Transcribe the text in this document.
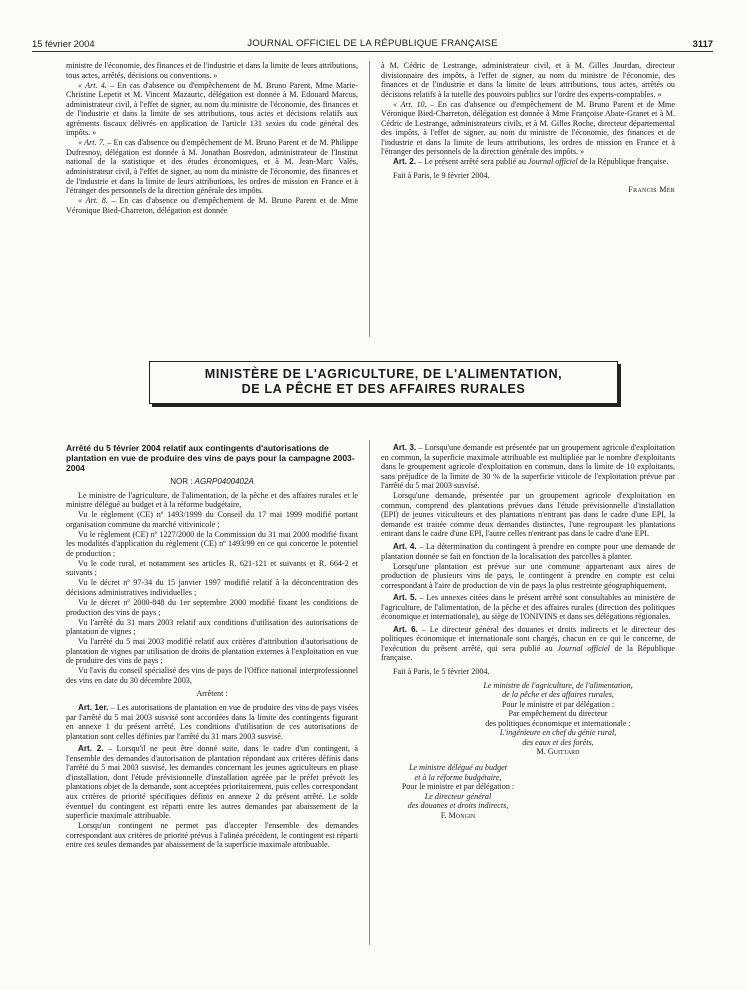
15 février 2004	JOURNAL OFFICIEL DE LA RÉPUBLIQUE FRANÇAISE	3117

ministre de l'économie, des finances et de l'industrie et dans la limite de leurs attributions, tous actes, arrêtés, décisions ou conventions. »

« Art. 4. – En cas d'absence ou d'empêchement de M. Bruno Parent, Mme Marie-Christine Lepetit et M. Vincent Mazauric, délégation est donnée à M. Edouard Marcus, administrateur civil, à l'effet de signer, au nom du ministre de l'économie, des finances et de l'industrie et dans la limite de ses attributions, tous actes et décisions relatifs aux agréments fiscaux délivrés en application de l'article 131 sexies du code général des impôts. »

« Art. 7. – En cas d'absence ou d'empêchement de M. Bruno Parent et de M. Philippe Dufresnoy, délégation est donnée à M. Jonathan Bosredon, administrateur de l'Institut national de la statistique et des études économiques, et à M. Jean-Marc Valès, administrateur civil, à l'effet de signer, au nom du ministre de l'économie, des finances et de l'industrie et dans la limite de leurs attributions, les ordres de mission en France et à l'étranger des personnels de la direction générale des impôts.

« Art. 8. – En cas d'absence ou d'empêchement de M. Bruno Parent et de Mme Véronique Bied-Charreton, délégation est donnée

à M. Cédric de Lestrange, administrateur civil, et à M. Gilles Jourdan, directeur divisionnaire des impôts, à l'effet de signer, au nom du ministre de l'économie, des finances et de l'industrie et dans la limite de leurs attributions, tous actes, arrêtés ou décisions relatifs à la tutelle des pouvoirs publics sur l'ordre des experts-comptables. »

« Art. 10. – En cas d'absence ou d'empêchement de M. Bruno Parent et de Mme Véronique Bied-Charreton, délégation est donnée à Mme Françoise Abate-Granet et à M. Cédric de Lestrange, administrateurs civils, et à M. Gilles Roche, directeur départemental des impôts, à l'effet de signer, au nom du ministre de l'économie, des finances et de l'industrie et dans la limite de leurs attributions, les ordres de mission en France et à l'étranger des personnels de la direction générale des impôts. »

Art. 2. – Le présent arrêté sera publié au Journal officiel de la République française.

Fait à Paris, le 9 février 2004.

Francis Mer

MINISTÈRE DE L'AGRICULTURE, DE L'ALIMENTATION,
DE LA PÊCHE ET DES AFFAIRES RURALES

Arrêté du 5 février 2004 relatif aux contingents d'autorisations de plantation en vue de produire des vins de pays pour la campagne 2003-2004

NOR : AGRP0400402A

Le ministre de l'agriculture, de l'alimentation, de la pêche et des affaires rurales et le ministre délégué au budget et à la réforme budgétaire,

Vu le règlement (CE) nº 1493/1999 du Conseil du 17 mai 1999 modifié portant organisation commune du marché vitivinicole ;

Vu le règlement (CE) nº 1227/2000 de la Commission du 31 mai 2000 modifié fixant les modalités d'application du règlement (CE) nº 1493/99 en ce qui concerne le potentiel de production ;

Vu le code rural, et notamment ses articles R. 621-121 et suivants et R. 664-2 et suivants ;

Vu le décret nº 97-34 du 15 janvier 1997 modifié relatif à la déconcentration des décisions administratives individuelles ;

Vu le décret nº 2000-848 du 1er septembre 2000 modifié fixant les conditions de production des vins de pays ;

Vu l'arrêté du 31 mars 2003 relatif aux conditions d'utilisation des autorisations de plantation de vignes ;

Vu l'arrêté du 5 mai 2003 modifié relatif aux critères d'attribution d'autorisations de plantation de vignes par utilisation de droits de plantation externes à l'exploitation en vue de produire des vins de pays ;

Vu l'avis du conseil spécialisé des vins de pays de l'Office national interprofessionnel des vins en date du 30 décembre 2003,

Arrêtent :

Art. 1er. – Les autorisations de plantation en vue de produire des vins de pays visées par l'arrêté du 5 mai 2003 susvisé sont accordées dans la limite des contingents figurant en annexe 1 du présent arrêté. Les conditions d'utilisation de ces autorisations de plantation sont celles définies par l'arrêté du 31 mars 2003 susvisé.

Art. 2. – Lorsqu'il ne peut être donné suite, dans le cadre d'un contingent, à l'ensemble des demandes d'autorisation de plantation répondant aux critères définis dans l'arrêté du 5 mai 2003 susvisé, les demandes concernant les jeunes agriculteurs en phase d'installation, dont l'étude prévisionnelle d'installation agréée par le préfet prévoit les plantations objet de la demande, sont acceptées prioritairement, puis celles correspondant aux critères de priorité spécifiques définis en annexe 2 du présent arrêté. Le solde éventuel du contingent est réparti entre les autres demandes par abaissement de la superficie maximale attribuable.

Lorsqu'un contingent ne permet pas d'accepter l'ensemble des demandes correspondant aux critères de priorité prévus à l'alinéa précédent, le contingent est réparti entre ces seules demandes par abaissement de la superficie maximale attribuable.

Art. 3. – Lorsqu'une demande est présentée par un groupement agricole d'exploitation en commun, la superficie maximale attribuable est multipliée par le nombre d'exploitants dans le groupement agricole d'exploitation en commun, dans la limite de 10 exploitants, sans préjudice de la limite de 30 % de la superficie viticole de l'exploitation prévue par l'arrêté du 5 mai 2003 susvisé.

Lorsqu'une demande, présentée par un groupement agricole d'exploitation en commun, comprend des plantations prévues dans l'étude prévisionnelle d'installation (EPI) de jeunes viticulteurs et des plantations n'entrant pas dans le cadre d'une EPI, la demande est traitée comme deux demandes distinctes, l'une regroupant les plantations entrant dans le cadre d'une EPI, l'autre celles n'entrant pas dans le cadre d'une EPI.

Art. 4. – La détermination du contingent à prendre en compte pour une demande de plantation donnée se fait en fonction de la localisation des parcelles à planter.

Lorsqu'une plantation est prévue sur une commune appartenant aux aires de production de plusieurs vins de pays, le contingent à prendre en compte est celui correspondant à l'aire de production de vin de pays la plus restreinte géographiquement.

Art. 5. – Les annexes citées dans le présent arrêté sont consultables au ministère de l'agriculture, de l'alimentation, de la pêche et des affaires rurales (direction des politiques économique et internationale), au siège de l'ONIVINS et dans ses délégations régionales.

Art. 6. – Le directeur général des douanes et droits indirects et le directeur des politiques économique et internationale sont chargés, chacun en ce qui le concerne, de l'exécution du présent arrêté, qui sera publié au Journal officiel de la République française.

Fait à Paris, le 5 février 2004.

Le ministre de l'agriculture, de l'alimentation,
de la pêche et des affaires rurales,
Pour le ministre et par délégation :
Par empêchement du directeur
des politiques économique et internationale :
L'ingénieure en chef du génie rural,
des eaux et des forêts,
M. Guittard
Le ministre délégué au budget
et à la réforme budgétaire,
Pour le ministre et par délégation :
Le directeur général
des douanes et droits indirects,
F. Mongin
